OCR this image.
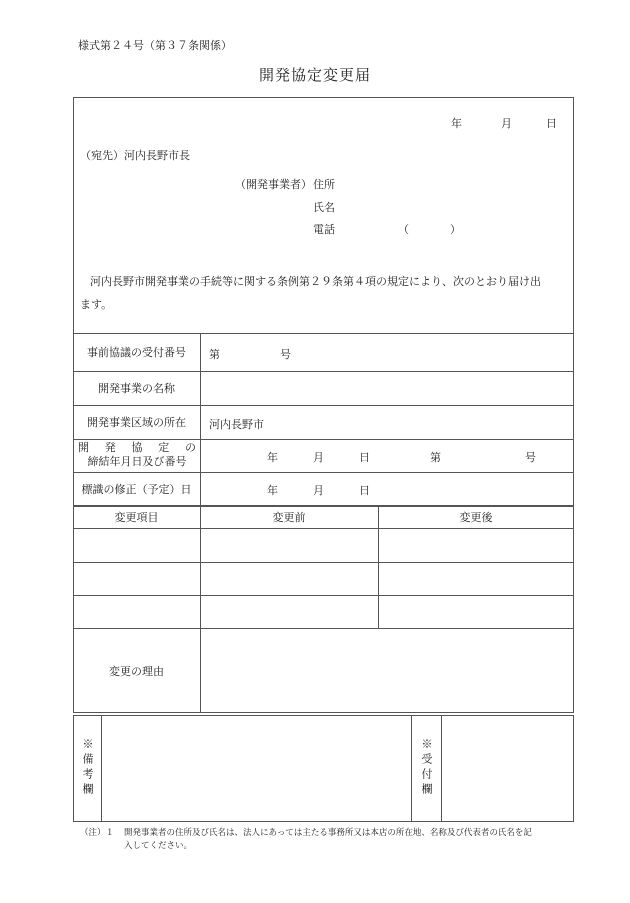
様式第２４号（第３７条関係）
開発協定変更届
年	月	日
（宛先）河内長野市長
（開発事業者） 住所
氏名
電話	（　　　）
河内長野市開発事業の手続等に関する条例第２９条第４項の規定により、次のとおり届け出
ます。
事前協議の受付番号	第	号
開発事業の名称
開発事業区域の所在	河内長野市
開 発 協 定 の
締結年月日及び番号	年	月	日	第	号
標識の修正（予定）日	年	月	日
変更項目	変更前	変更後
変更の理由
※備考欄	※受付欄
（注）１ 開発事業者の住所及び氏名は、法人にあっては主たる事務所又は本店の所在地、名称及び代表者の氏名を記
入してください。
